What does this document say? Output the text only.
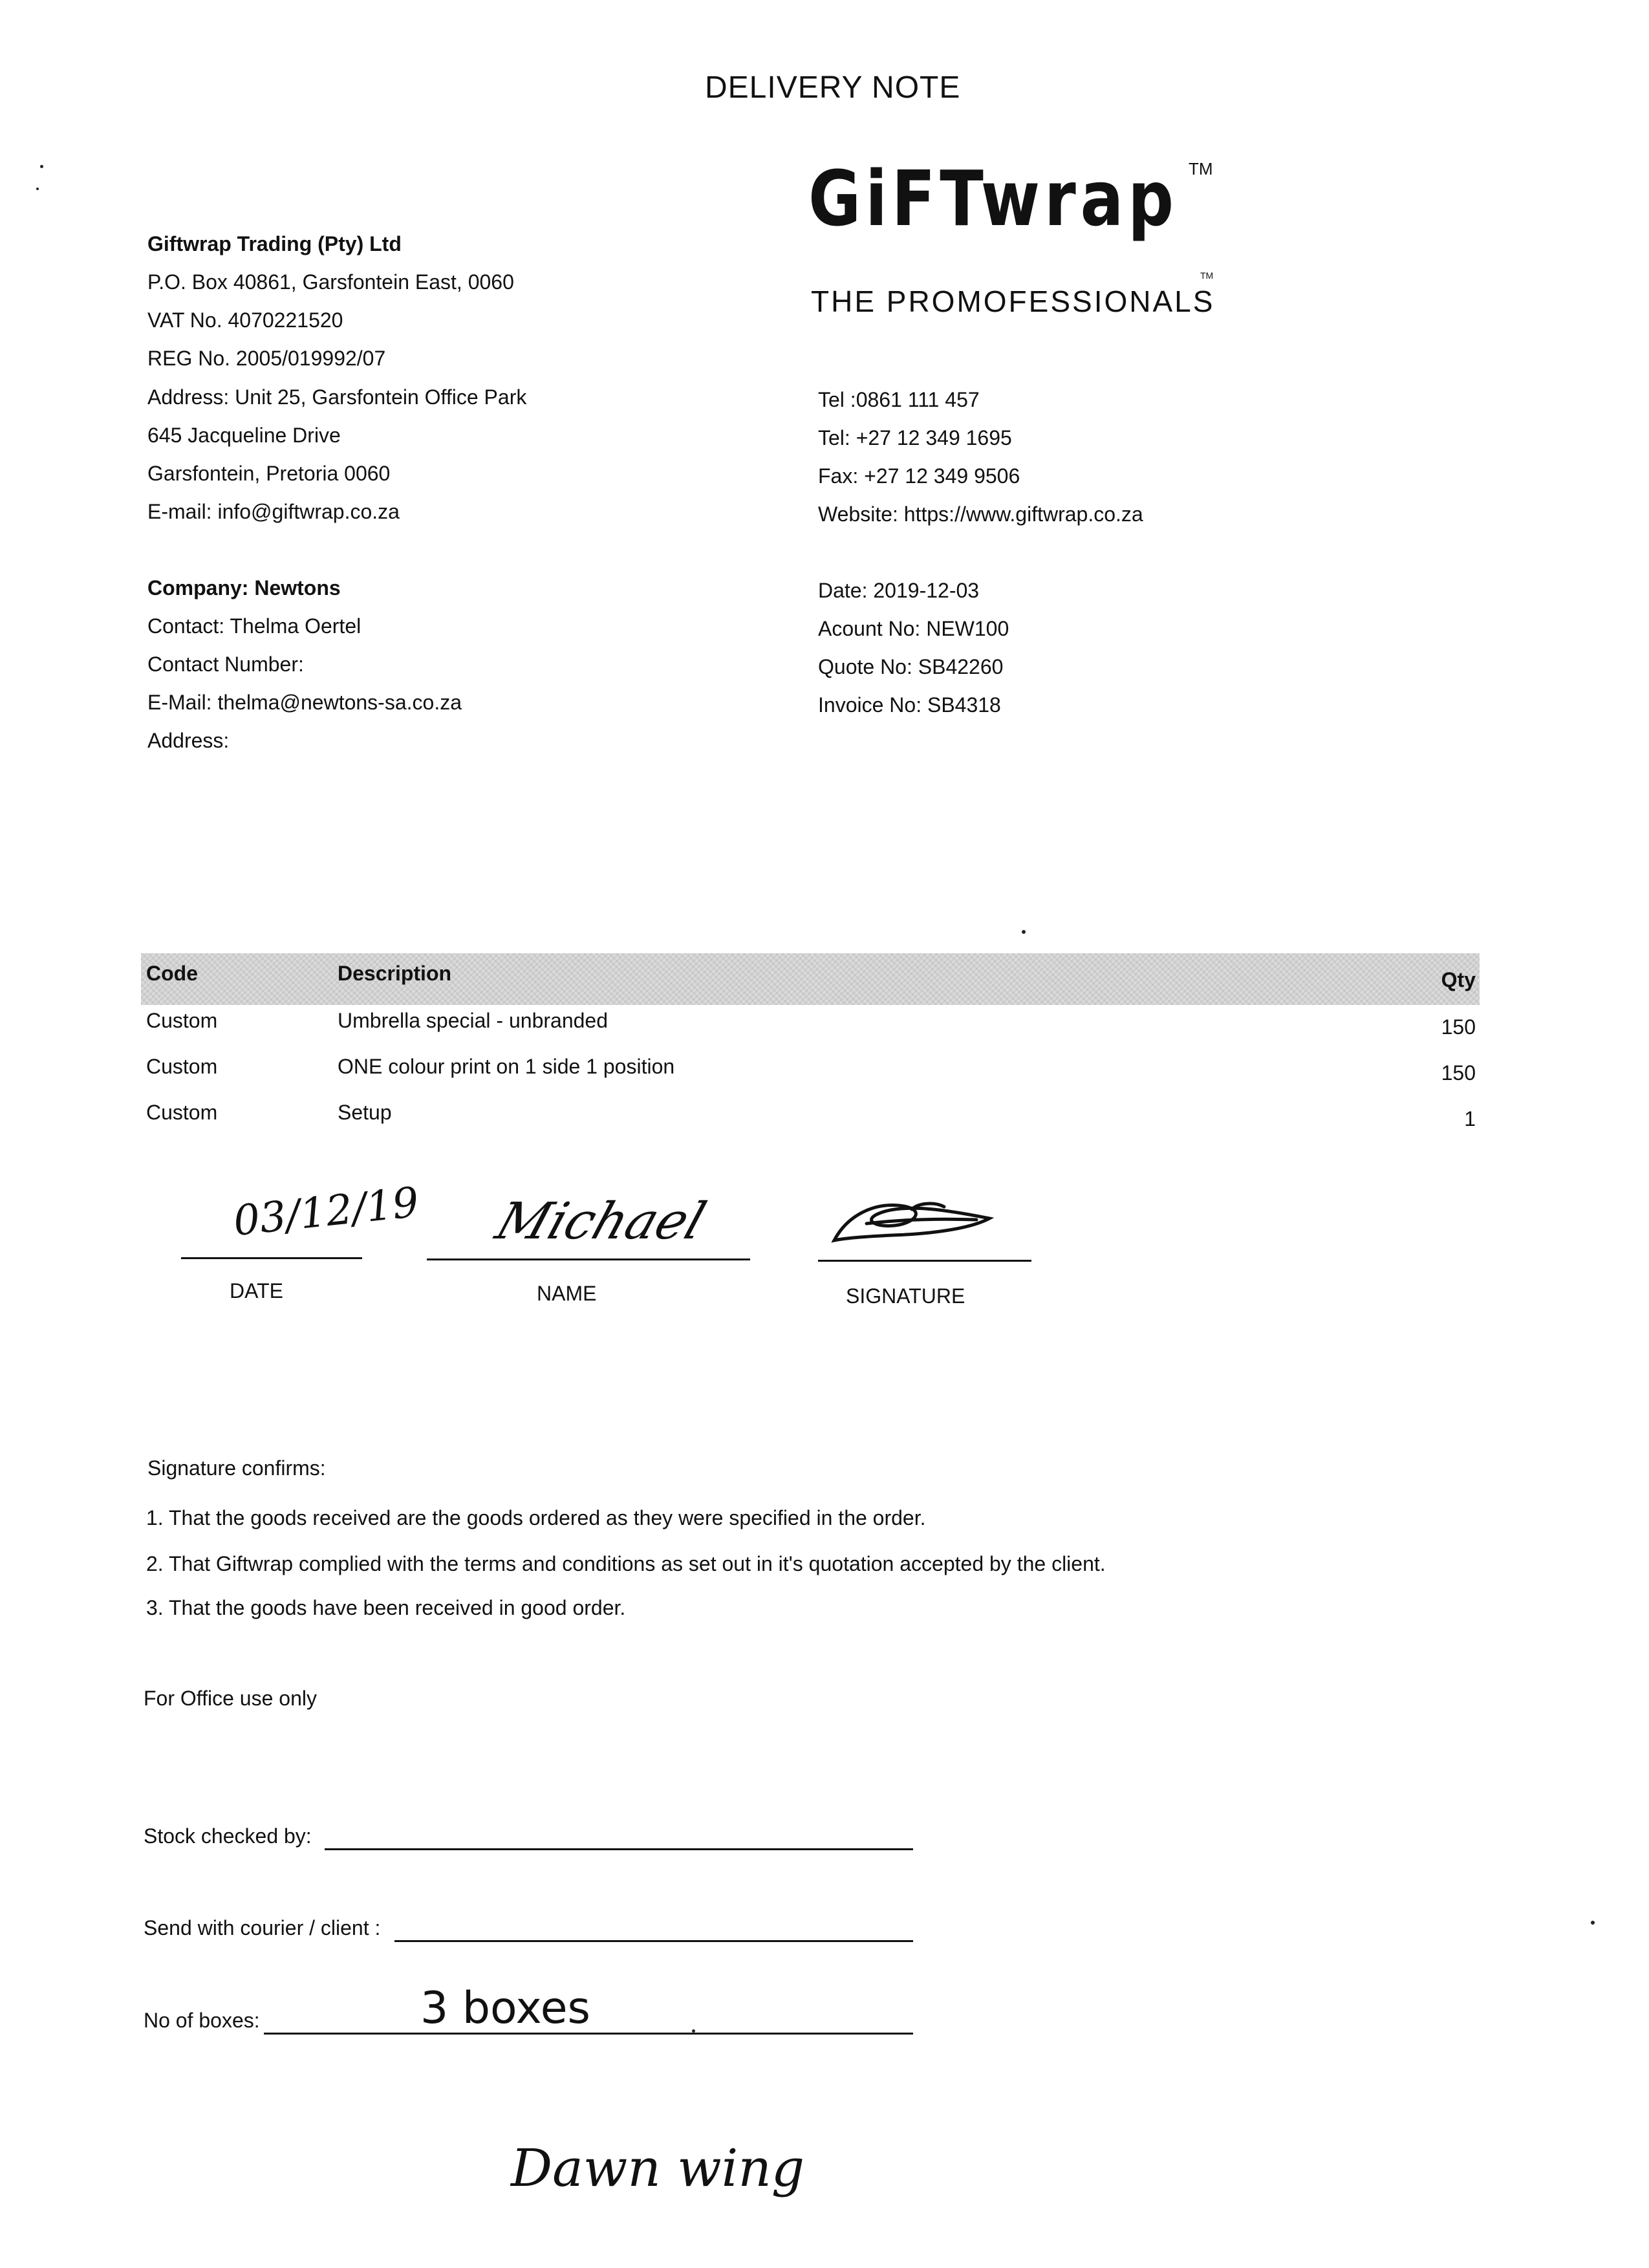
DELIVERY NOTE
GiFTwrap TM
THE PROMOFESSIONALS
TM
Giftwrap Trading (Pty) Ltd
P.O. Box 40861, Garsfontein East, 0060
VAT No. 4070221520
REG No. 2005/019992/07
Address: Unit 25, Garsfontein Office Park
645 Jacqueline Drive
Garsfontein, Pretoria 0060
E-mail: info@giftwrap.co.za
Tel :0861 111 457
Tel: +27 12 349 1695
Fax: +27 12 349 9506
Website: https://www.giftwrap.co.za
Company: Newtons
Contact: Thelma Oertel
Contact Number:
E-Mail: thelma@newtons-sa.co.za
Address:
Date: 2019-12-03
Acount No: NEW100
Quote No: SB42260
Invoice No: SB4318
Code	Description	Qty
Custom	Umbrella special - unbranded	150
Custom	ONE colour print on 1 side 1 position	150
Custom	Setup	1
03/12/19
DATE
Michael
NAME	SIGNATURE
Signature confirms:
1. That the goods received are the goods ordered as they were specified in the order.
2. That Giftwrap complied with the terms and conditions as set out in it's quotation accepted by the client.
3. That the goods have been received in good order.
For Office use only
Stock checked by:
Send with courier / client :
No of boxes:	3 boxes
Dawn wing
